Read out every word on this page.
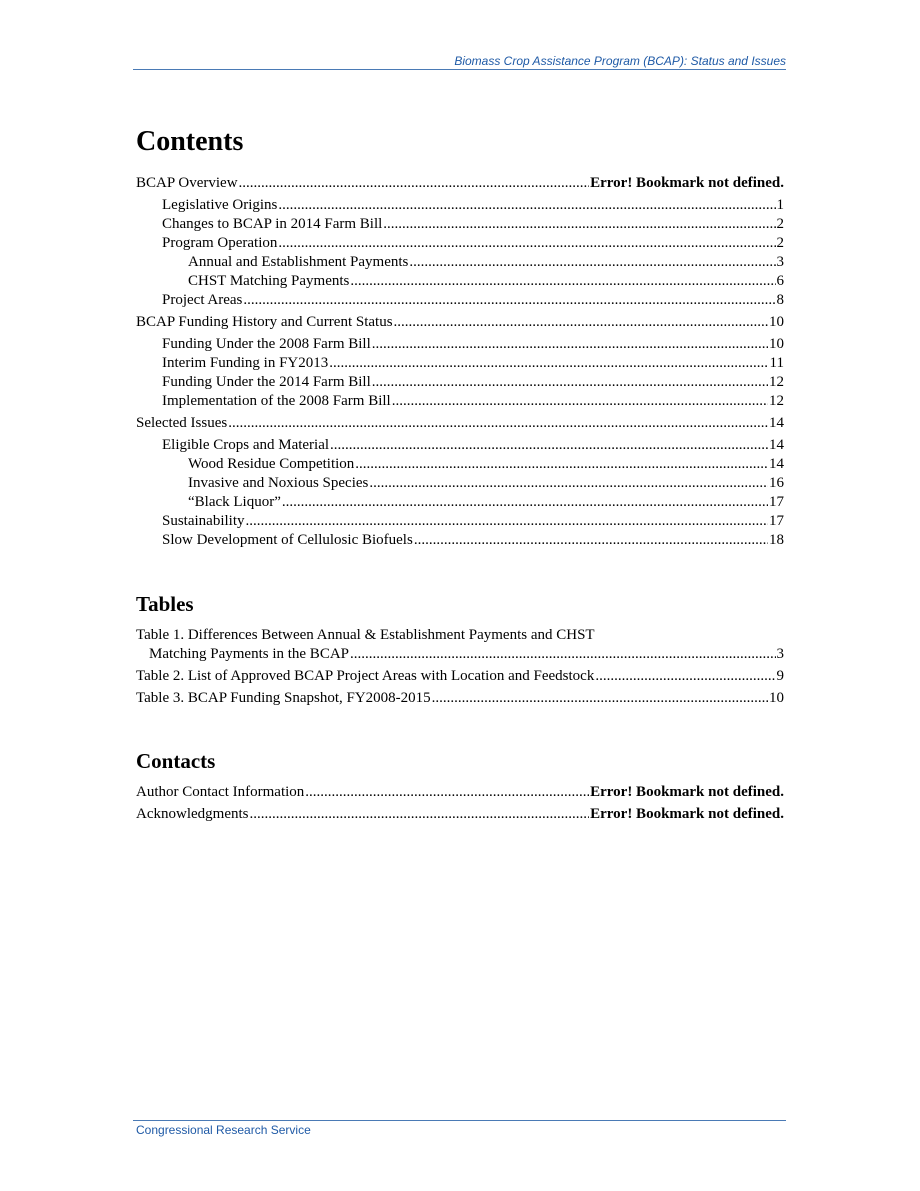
Biomass Crop Assistance Program (BCAP): Status and Issues
Contents
BCAP Overview .....	Error! Bookmark not defined.
Legislative Origins .....	1
Changes to BCAP in 2014 Farm Bill .....	2
Program Operation .....	2
Annual and Establishment Payments .....	3
CHST Matching Payments .....	6
Project Areas .....	8
BCAP Funding History and Current Status .....	10
Funding Under the 2008 Farm Bill .....	10
Interim Funding in FY2013 .....	11
Funding Under the 2014 Farm Bill .....	12
Implementation of the 2008 Farm Bill .....	12
Selected Issues .....	14
Eligible Crops and Material .....	14
Wood Residue Competition .....	14
Invasive and Noxious Species .....	16
“Black Liquor” .....	17
Sustainability .....	17
Slow Development of Cellulosic Biofuels .....	18
Tables
Table 1. Differences Between Annual & Establishment Payments and CHST
Matching Payments in the BCAP .....	3
Table 2. List of Approved BCAP Project Areas with Location and Feedstock .....	9
Table 3. BCAP Funding Snapshot, FY2008-2015 .....	10
Contacts
Author Contact Information .....	Error! Bookmark not defined.
Acknowledgments .....	Error! Bookmark not defined.
Congressional Research Service
